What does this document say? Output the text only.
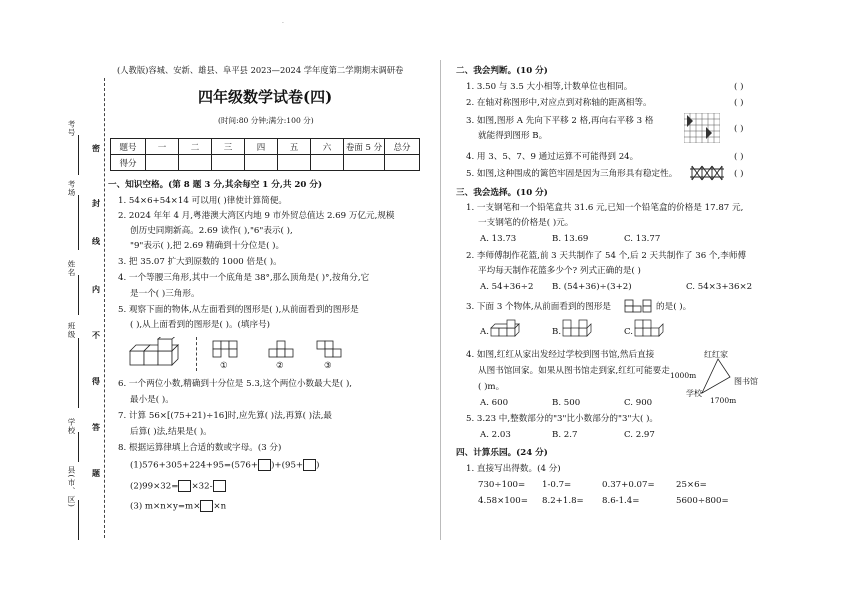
·
考号
考场
姓名
班级
学校
县(市、区)
密
封
线
内
不
得
答
题
(人教版)容城、安新、雄县、阜平县 2023—2024 学年度第二学期期末调研卷
四年级数学试卷(四)
(时间:80 分钟;满分:100 分)
题号	一	二	三	四	五	六	卷面 5 分	总分
得分								
一、知识空格。(第 8 题 3 分,其余每空 1 分,共 20 分)
1. 54×6+54×14 可以用( )律使计算简便。
2. 2024 年年 4 月,粤港澳大湾区内地 9 市外贸总值达 2.69 万亿元,规模
创历史同期新高。2.69 读作( ),"6"表示( ),
"9"表示( ),把 2.69 精确到十分位是( )。
3. 把 35.07 扩大到原数的 1000 倍是( )。
4. 一个等腰三角形,其中一个底角是 38°,那么顶角是( )°,按角分,它
是一个( )三角形。
5. 观察下面的物体,从左面看到的图形是( ),从前面看到的图形是
( ),从上面看到的图形是( )。(填序号)
①	②	③
6. 一个两位小数,精确到十分位是 5.3,这个两位小数最大是( ),
最小是( )。
7. 计算 56×[(75+21)÷16]时,应先算( )法,再算( )法,最
后算( )法,结果是( )。
8. 根据运算律填上合适的数或字母。(3 分)
(1)576+305+224+95=(576+ )+(95+ )
(2)99×32= ×32-
(3) m×n×y=m× ×n
二、我会判断。(10 分)
1. 3.50 与 3.5 大小相等,计数单位也相同。
2. 在轴对称图形中,对应点到对称轴的距离相等。
3. 如图,图形 A 先向下平移 2 格,再向右平移 3 格
就能得到图形 B。
4. 用 3、5、7、9 通过运算不可能得到 24。
5. 如图,这种围成的篱笆牢固是因为三角形具有稳定性。
( )
( )
( )
( )
( )
三、我会选择。(10 分)
1. 一支钢笔和一个铅笔盒共 31.6 元,已知一个铅笔盒的价格是 17.87 元,
一支钢笔的价格是( )元。
A. 13.73	B. 13.69	C. 13.77
2. 李师傅制作花篮,前 3 天共制作了 54 个,后 2 天共制作了 36 个,李师傅
平均每天制作花篮多少个? 列式正确的是( )
A. 54+36÷2 B. (54+36)÷(3+2)	C. 54×3+36×2
3. 下面 3 个物体,从前面看到的图形是	的是( )。
A.	B.	C.
4. 如图,红红从家出发经过学校到图书馆,然后直接
从图书馆回家。如果从图书馆走到家,红红可能要走
( )m。
A. 600	B. 500	C. 900
红红家
1000m
图书馆
学校
1700m
5. 3.23 中,整数部分的"3"比小数部分的"3"大( )。
A. 2.03	B. 2.7	C. 2.97
四、计算乐园。(24 分)
1. 直接写出得数。(4 分)
730÷100= 1-0.7=	0.37+0.07= 25×6=
4.58×100= 8.2+1.8= 8.6-1.4=	5600÷800=
